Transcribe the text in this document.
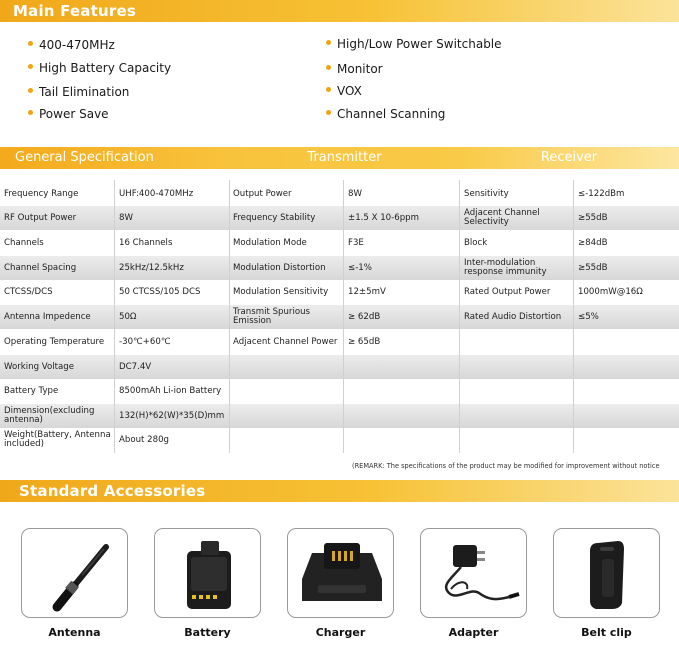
Main Features
400-470MHz
High Battery Capacity
Tail Elimination
Power Save
High/Low Power Switchable
Monitor
VOX
Channel Scanning
General Specification	Transmitter	Receiver
Frequency Range	UHF:400-470MHz	Output Power	8W	Sensitivity	≤-122dBm
RF Output Power	8W	Frequency Stability	±1.5 X 10-6ppm	Adjacent Channel Selectivity	≥55dB
Channels	16 Channels	Modulation Mode	F3E	Block	≥84dB
Channel Spacing	25kHz/12.5kHz	Modulation Distortion	≤-1%	Inter-modulation response immunity	≥55dB
CTCSS/DCS	50 CTCSS/105 DCS	Modulation Sensitivity	12±5mV	Rated Output Power	1000mW@16Ω
Antenna Impedence	50Ω	Transmit Spurious Emission	≥ 62dB	Rated Audio Distortion	≤5%
Operating Temperature	-30℃+60℃	Adjacent Channel Power	≥ 65dB
Working Voltage	DC7.4V
Battery Type	8500mAh Li-ion Battery
Dimension(excluding antenna)	132(H)*62(W)*35(D)mm
Weight(Battery, Antenna included)	About 280g
(REMARK: The specifications of the product may be modified for improvement without notice
Standard Accessories
Antenna	Battery	Charger	Adapter	Belt clip
